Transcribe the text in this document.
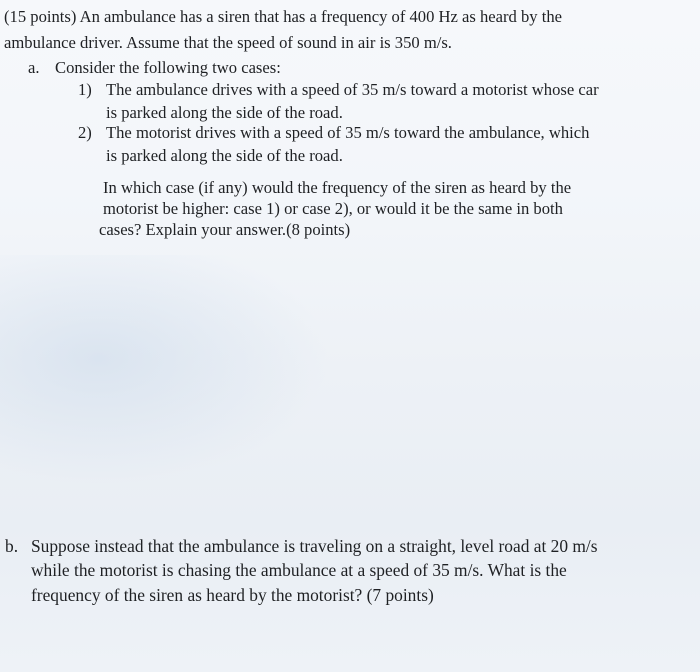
(15 points) An ambulance has a siren that has a frequency of 400 Hz as heard by the
ambulance driver. Assume that the speed of sound in air is 350 m/s.
a. Consider the following two cases:
1) The ambulance drives with a speed of 35 m/s toward a motorist whose car
is parked along the side of the road.
2) The motorist drives with a speed of 35 m/s toward the ambulance, which
is parked along the side of the road.
In which case (if any) would the frequency of the siren as heard by the
motorist be higher: case 1) or case 2), or would it be the same in both
cases? Explain your answer.(8 points)
b. Suppose instead that the ambulance is traveling on a straight, level road at 20 m/s
while the motorist is chasing the ambulance at a speed of 35 m/s. What is the
frequency of the siren as heard by the motorist? (7 points)
